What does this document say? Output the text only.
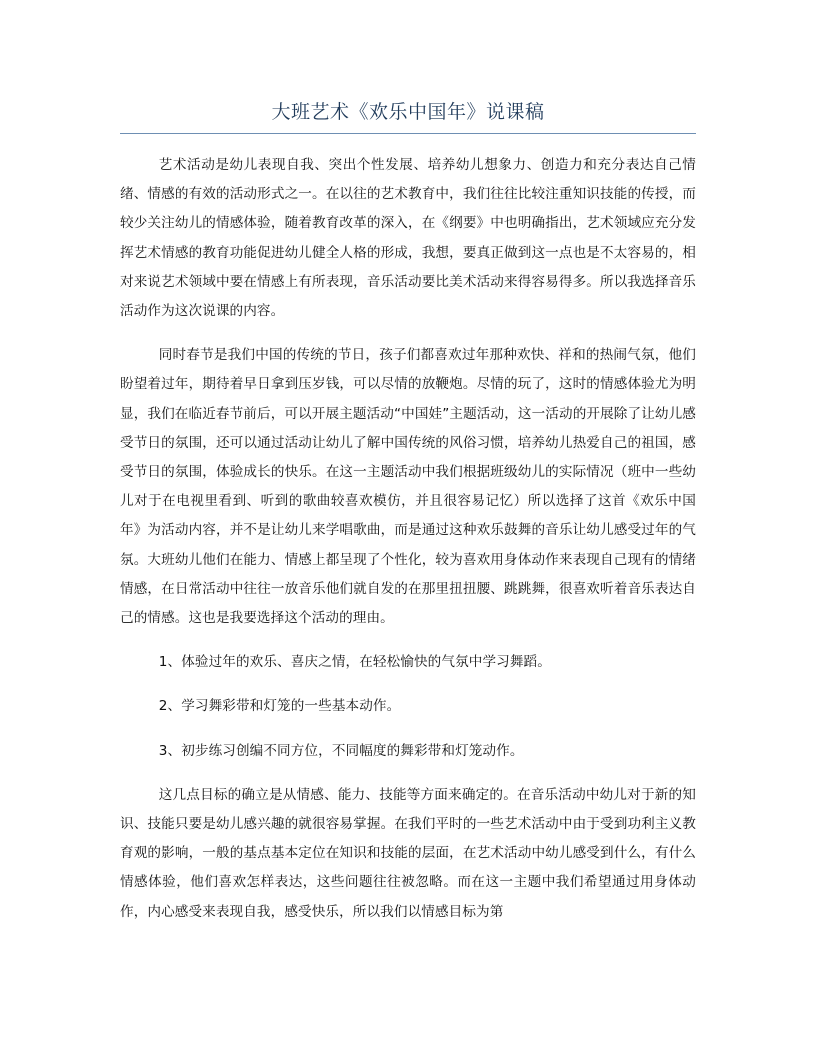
大班艺术《欢乐中国年》说课稿

艺术活动是幼儿表现自我、突出个性发展、培养幼儿想象力、创造力和充分表达自己情绪、情感的有效的活动形式之一。在以往的艺术教育中，我们往往比较注重知识技能的传授，而较少关注幼儿的情感体验，随着教育改革的深入，在《纲要》中也明确指出，艺术领域应充分发挥艺术情感的教育功能促进幼儿健全人格的形成，我想，要真正做到这一点也是不太容易的，相对来说艺术领域中要在情感上有所表现，音乐活动要比美术活动来得容易得多。所以我选择音乐活动作为这次说课的内容。

同时春节是我们中国的传统的节日，孩子们都喜欢过年那种欢快、祥和的热闹气氛，他们盼望着过年，期待着早日拿到压岁钱，可以尽情的放鞭炮。尽情的玩了，这时的情感体验尤为明显，我们在临近春节前后，可以开展主题活动“中国娃”主题活动，这一活动的开展除了让幼儿感受节日的氛围，还可以通过活动让幼儿了解中国传统的风俗习惯，培养幼儿热爱自己的祖国，感受节日的氛围，体验成长的快乐。在这一主题活动中我们根据班级幼儿的实际情况（班中一些幼儿对于在电视里看到、听到的歌曲较喜欢模仿，并且很容易记忆）所以选择了这首《欢乐中国年》为活动内容，并不是让幼儿来学唱歌曲，而是通过这种欢乐鼓舞的音乐让幼儿感受过年的气氛。大班幼儿他们在能力、情感上都呈现了个性化，较为喜欢用身体动作来表现自己现有的情绪情感，在日常活动中往往一放音乐他们就自发的在那里扭扭腰、跳跳舞，很喜欢听着音乐表达自己的情感。这也是我要选择这个活动的理由。

1、体验过年的欢乐、喜庆之情，在轻松愉快的气氛中学习舞蹈。

2、学习舞彩带和灯笼的一些基本动作。

3、初步练习创编不同方位，不同幅度的舞彩带和灯笼动作。

这几点目标的确立是从情感、能力、技能等方面来确定的。在音乐活动中幼儿对于新的知识、技能只要是幼儿感兴趣的就很容易掌握。在我们平时的一些艺术活动中由于受到功利主义教育观的影响，一般的基点基本定位在知识和技能的层面，在艺术活动中幼儿感受到什么，有什么情感体验，他们喜欢怎样表达，这些问题往往被忽略。而在这一主题中我们希望通过用身体动作，内心感受来表现自我，感受快乐，所以我们以情感目标为第
